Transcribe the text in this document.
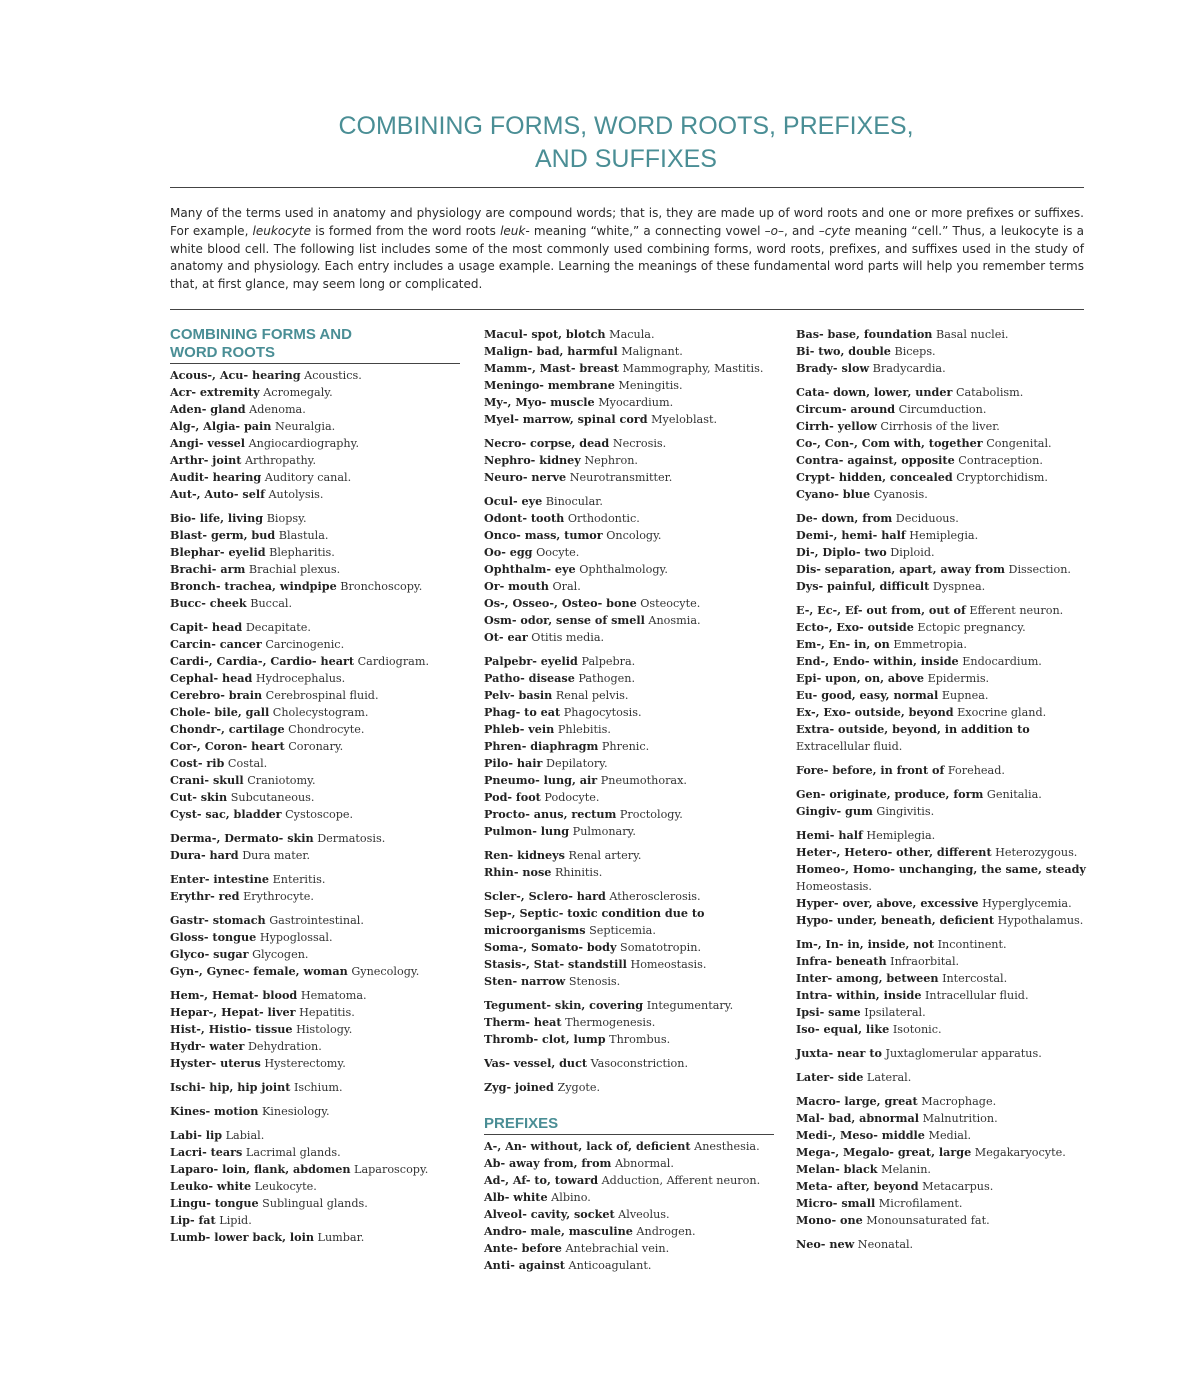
COMBINING FORMS, WORD ROOTS, PREFIXES,
AND SUFFIXES
Many of the terms used in anatomy and physiology are compound words; that is, they are made up of word roots and one or more prefixes or suffixes. For example, leukocyte is formed from the word roots leuk- meaning “white,” a connecting vowel –o–, and –cyte meaning “cell.” Thus, a leukocyte is a white blood cell. The following list includes some of the most commonly used combining forms, word roots, prefixes, and suffixes used in the study of anatomy and physiology. Each entry includes a usage example. Learning the meanings of these fundamental word parts will help you remember terms that, at first glance, may seem long or complicated.
COMBINING FORMS AND
WORD ROOTS
Acous-, Acu- hearing Acoustics.
Acr- extremity Acromegaly.
Aden- gland Adenoma.
Alg-, Algia- pain Neuralgia.
Angi- vessel Angiocardiography.
Arthr- joint Arthropathy.
Audit- hearing Auditory canal.
Aut-, Auto- self Autolysis.
Bio- life, living Biopsy.
Blast- germ, bud Blastula.
Blephar- eyelid Blepharitis.
Brachi- arm Brachial plexus.
Bronch- trachea, windpipe Bronchoscopy.
Bucc- cheek Buccal.
Capit- head Decapitate.
Carcin- cancer Carcinogenic.
Cardi-, Cardia-, Cardio- heart Cardiogram.
Cephal- head Hydrocephalus.
Cerebro- brain Cerebrospinal fluid.
Chole- bile, gall Cholecystogram.
Chondr-, cartilage Chondrocyte.
Cor-, Coron- heart Coronary.
Cost- rib Costal.
Crani- skull Craniotomy.
Cut- skin Subcutaneous.
Cyst- sac, bladder Cystoscope.
Derma-, Dermato- skin Dermatosis.
Dura- hard Dura mater.
Enter- intestine Enteritis.
Erythr- red Erythrocyte.
Gastr- stomach Gastrointestinal.
Gloss- tongue Hypoglossal.
Glyco- sugar Glycogen.
Gyn-, Gynec- female, woman Gynecology.
Hem-, Hemat- blood Hematoma.
Hepar-, Hepat- liver Hepatitis.
Hist-, Histio- tissue Histology.
Hydr- water Dehydration.
Hyster- uterus Hysterectomy.
Ischi- hip, hip joint Ischium.
Kines- motion Kinesiology.
Labi- lip Labial.
Lacri- tears Lacrimal glands.
Laparo- loin, flank, abdomen Laparoscopy.
Leuko- white Leukocyte.
Lingu- tongue Sublingual glands.
Lip- fat Lipid.
Lumb- lower back, loin Lumbar.
Macul- spot, blotch Macula.
Malign- bad, harmful Malignant.
Mamm-, Mast- breast Mammography, Mastitis.
Meningo- membrane Meningitis.
My-, Myo- muscle Myocardium.
Myel- marrow, spinal cord Myeloblast.
Necro- corpse, dead Necrosis.
Nephro- kidney Nephron.
Neuro- nerve Neurotransmitter.
Ocul- eye Binocular.
Odont- tooth Orthodontic.
Onco- mass, tumor Oncology.
Oo- egg Oocyte.
Ophthalm- eye Ophthalmology.
Or- mouth Oral.
Os-, Osseo-, Osteo- bone Osteocyte.
Osm- odor, sense of smell Anosmia.
Ot- ear Otitis media.
Palpebr- eyelid Palpebra.
Patho- disease Pathogen.
Pelv- basin Renal pelvis.
Phag- to eat Phagocytosis.
Phleb- vein Phlebitis.
Phren- diaphragm Phrenic.
Pilo- hair Depilatory.
Pneumo- lung, air Pneumothorax.
Pod- foot Podocyte.
Procto- anus, rectum Proctology.
Pulmon- lung Pulmonary.
Ren- kidneys Renal artery.
Rhin- nose Rhinitis.
Scler-, Sclero- hard Atherosclerosis.
Sep-, Septic- toxic condition due to microorganisms Septicemia.
Soma-, Somato- body Somatotropin.
Stasis-, Stat- standstill Homeostasis.
Sten- narrow Stenosis.
Tegument- skin, covering Integumentary.
Therm- heat Thermogenesis.
Thromb- clot, lump Thrombus.
Vas- vessel, duct Vasoconstriction.
Zyg- joined Zygote.
PREFIXES
A-, An- without, lack of, deficient Anesthesia.
Ab- away from, from Abnormal.
Ad-, Af- to, toward Adduction, Afferent neuron.
Alb- white Albino.
Alveol- cavity, socket Alveolus.
Andro- male, masculine Androgen.
Ante- before Antebrachial vein.
Anti- against Anticoagulant.
Bas- base, foundation Basal nuclei.
Bi- two, double Biceps.
Brady- slow Bradycardia.
Cata- down, lower, under Catabolism.
Circum- around Circumduction.
Cirrh- yellow Cirrhosis of the liver.
Co-, Con-, Com with, together Congenital.
Contra- against, opposite Contraception.
Crypt- hidden, concealed Cryptorchidism.
Cyano- blue Cyanosis.
De- down, from Deciduous.
Demi-, hemi- half Hemiplegia.
Di-, Diplo- two Diploid.
Dis- separation, apart, away from Dissection.
Dys- painful, difficult Dyspnea.
E-, Ec-, Ef- out from, out of Efferent neuron.
Ecto-, Exo- outside Ectopic pregnancy.
Em-, En- in, on Emmetropia.
End-, Endo- within, inside Endocardium.
Epi- upon, on, above Epidermis.
Eu- good, easy, normal Eupnea.
Ex-, Exo- outside, beyond Exocrine gland.
Extra- outside, beyond, in addition to Extracellular fluid.
Fore- before, in front of Forehead.
Gen- originate, produce, form Genitalia.
Gingiv- gum Gingivitis.
Hemi- half Hemiplegia.
Heter-, Hetero- other, different Heterozygous.
Homeo-, Homo- unchanging, the same, steady Homeostasis.
Hyper- over, above, excessive Hyperglycemia.
Hypo- under, beneath, deficient Hypothalamus.
Im-, In- in, inside, not Incontinent.
Infra- beneath Infraorbital.
Inter- among, between Intercostal.
Intra- within, inside Intracellular fluid.
Ipsi- same Ipsilateral.
Iso- equal, like Isotonic.
Juxta- near to Juxtaglomerular apparatus.
Later- side Lateral.
Macro- large, great Macrophage.
Mal- bad, abnormal Malnutrition.
Medi-, Meso- middle Medial.
Mega-, Megalo- great, large Megakaryocyte.
Melan- black Melanin.
Meta- after, beyond Metacarpus.
Micro- small Microfilament.
Mono- one Monounsaturated fat.
Neo- new Neonatal.
